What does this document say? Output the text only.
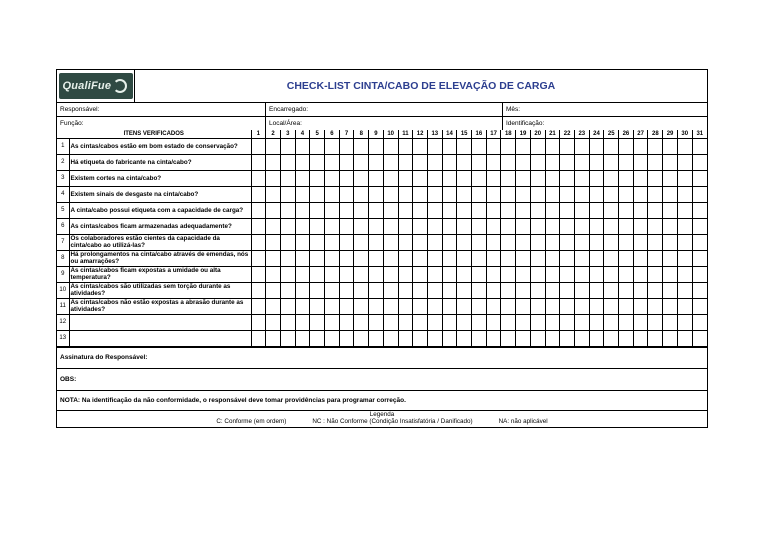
QualiFue	CHECK-LIST CINTA/CABO DE ELEVAÇÃO DE CARGA
Responsável:	Encarregado:	Mês:
Função:	Local/Área:	Identificação:
ITENS VERIFICADOS		1	2	3	4	5	6	7	8	9	10	11	12	13	14	15	16	17	18	19	20	21	22	23	24	25	26	27	28	29	30	31
1	As cintas/cabos estão em bom estado de conservação?																															
2	Há etiqueta do fabricante na cinta/cabo?																															
3	Existem cortes na cinta/cabo?																															
4	Existem sinais de desgaste na cinta/cabo?																															
5	A cinta/cabo possui etiqueta com a capacidade de carga?																															
6	As cintas/cabos ficam armazenadas adequadamente?																															
7	Os colaboradores estão cientes da capacidade da cinta/cabo ao utilizá-las?																															
8	Há prolongamentos na cinta/cabo através de emendas, nós ou amarrações?																															
9	As cintas/cabos ficam expostas a umidade ou alta temperatura?																															
10	As cintas/cabos são utilizadas sem torção durante as atividades?																															
11	As cintas/cabos não estão expostas a abrasão durante as atividades?																															
12																																
13																																
Assinatura do Responsável:
OBS:
NOTA: Na identificação da não conformidade, o responsável deve tomar providências para programar correção.
Legenda
C: Conforme (em ordem)	NC : Não Conforme (Condição Insatisfatória / Danificado)	NA: não aplicável
